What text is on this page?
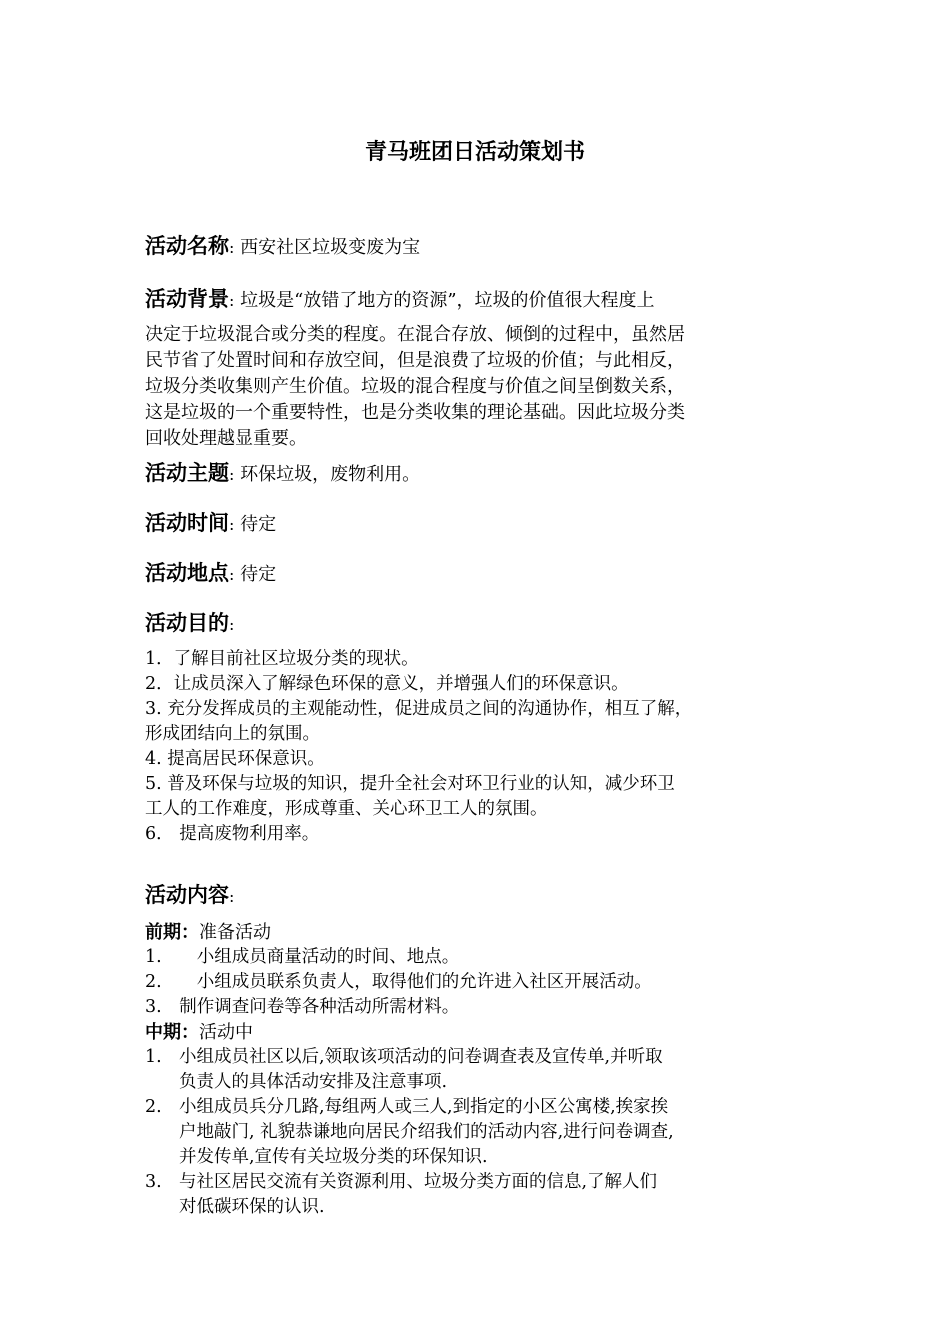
青马班团日活动策划书
活动名称: 西安社区垃圾变废为宝
活动背景: 垃圾是“放错了地方的资源”，垃圾的价值很大程度上
决定于垃圾混合或分类的程度。在混合存放、倾倒的过程中，虽然居
民节省了处置时间和存放空间，但是浪费了垃圾的价值；与此相反，
垃圾分类收集则产生价值。垃圾的混合程度与价值之间呈倒数关系，
这是垃圾的一个重要特性，也是分类收集的理论基础。因此垃圾分类
回收处理越显重要。
活动主题: 环保垃圾，废物利用。
活动时间: 待定
活动地点: 待定
活动目的:
1．了解目前社区垃圾分类的现状。
2．让成员深入了解绿色环保的意义，并增强人们的环保意识。
3. 充分发挥成员的主观能动性，促进成员之间的沟通协作，相互了解，
形成团结向上的氛围。
4. 提高居民环保意识。
5. 普及环保与垃圾的知识，提升全社会对环卫行业的认知，减少环卫
工人的工作难度，形成尊重、关心环卫工人的氛围。
6． 提高废物利用率。
活动内容:
前期：准备活动
1.　　小组成员商量活动的时间、地点。
2.　　小组成员联系负责人，取得他们的允许进入社区开展活动。
3.　制作调查问卷等各种活动所需材料。
中期：活动中
1. 小组成员社区以后,领取该项活动的问卷调查表及宣传单,并听取
负责人的具体活动安排及注意事项.
2. 小组成员兵分几路,每组两人或三人,到指定的小区公寓楼,挨家挨
户地敲门, 礼貌恭谦地向居民介绍我们的活动内容,进行问卷调查,
并发传单,宣传有关垃圾分类的环保知识.
3. 与社区居民交流有关资源利用、垃圾分类方面的信息,了解人们
对低碳环保的认识.
